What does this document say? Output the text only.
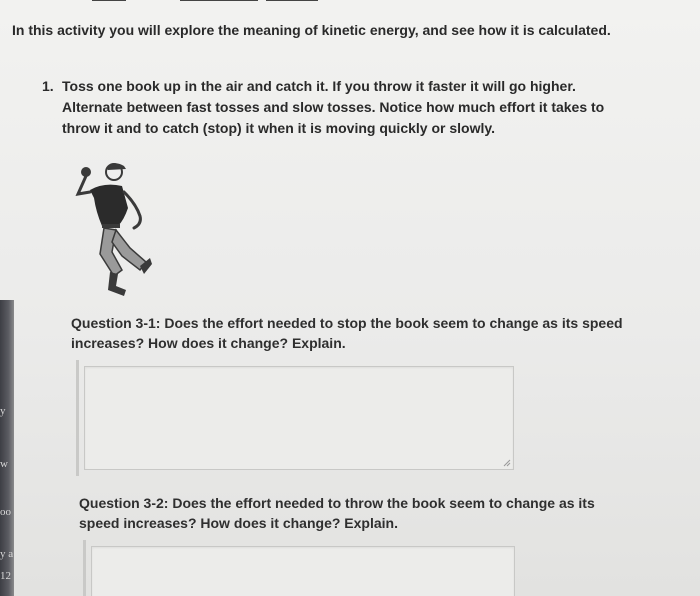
In this activity you will explore the meaning of kinetic energy, and see how it is calculated.
1. Toss one book up in the air and catch it. If you throw it faster it will go higher. Alternate between fast tosses and slow tosses. Notice how much effort it takes to throw it and to catch (stop) it when it is moving quickly or slowly.
Question 3-1: Does the effort needed to stop the book seem to change as its speed increases? How does it change? Explain.
Question 3-2: Does the effort needed to throw the book seem to change as its speed increases? How does it change? Explain.
y
w
oo
y a
12
